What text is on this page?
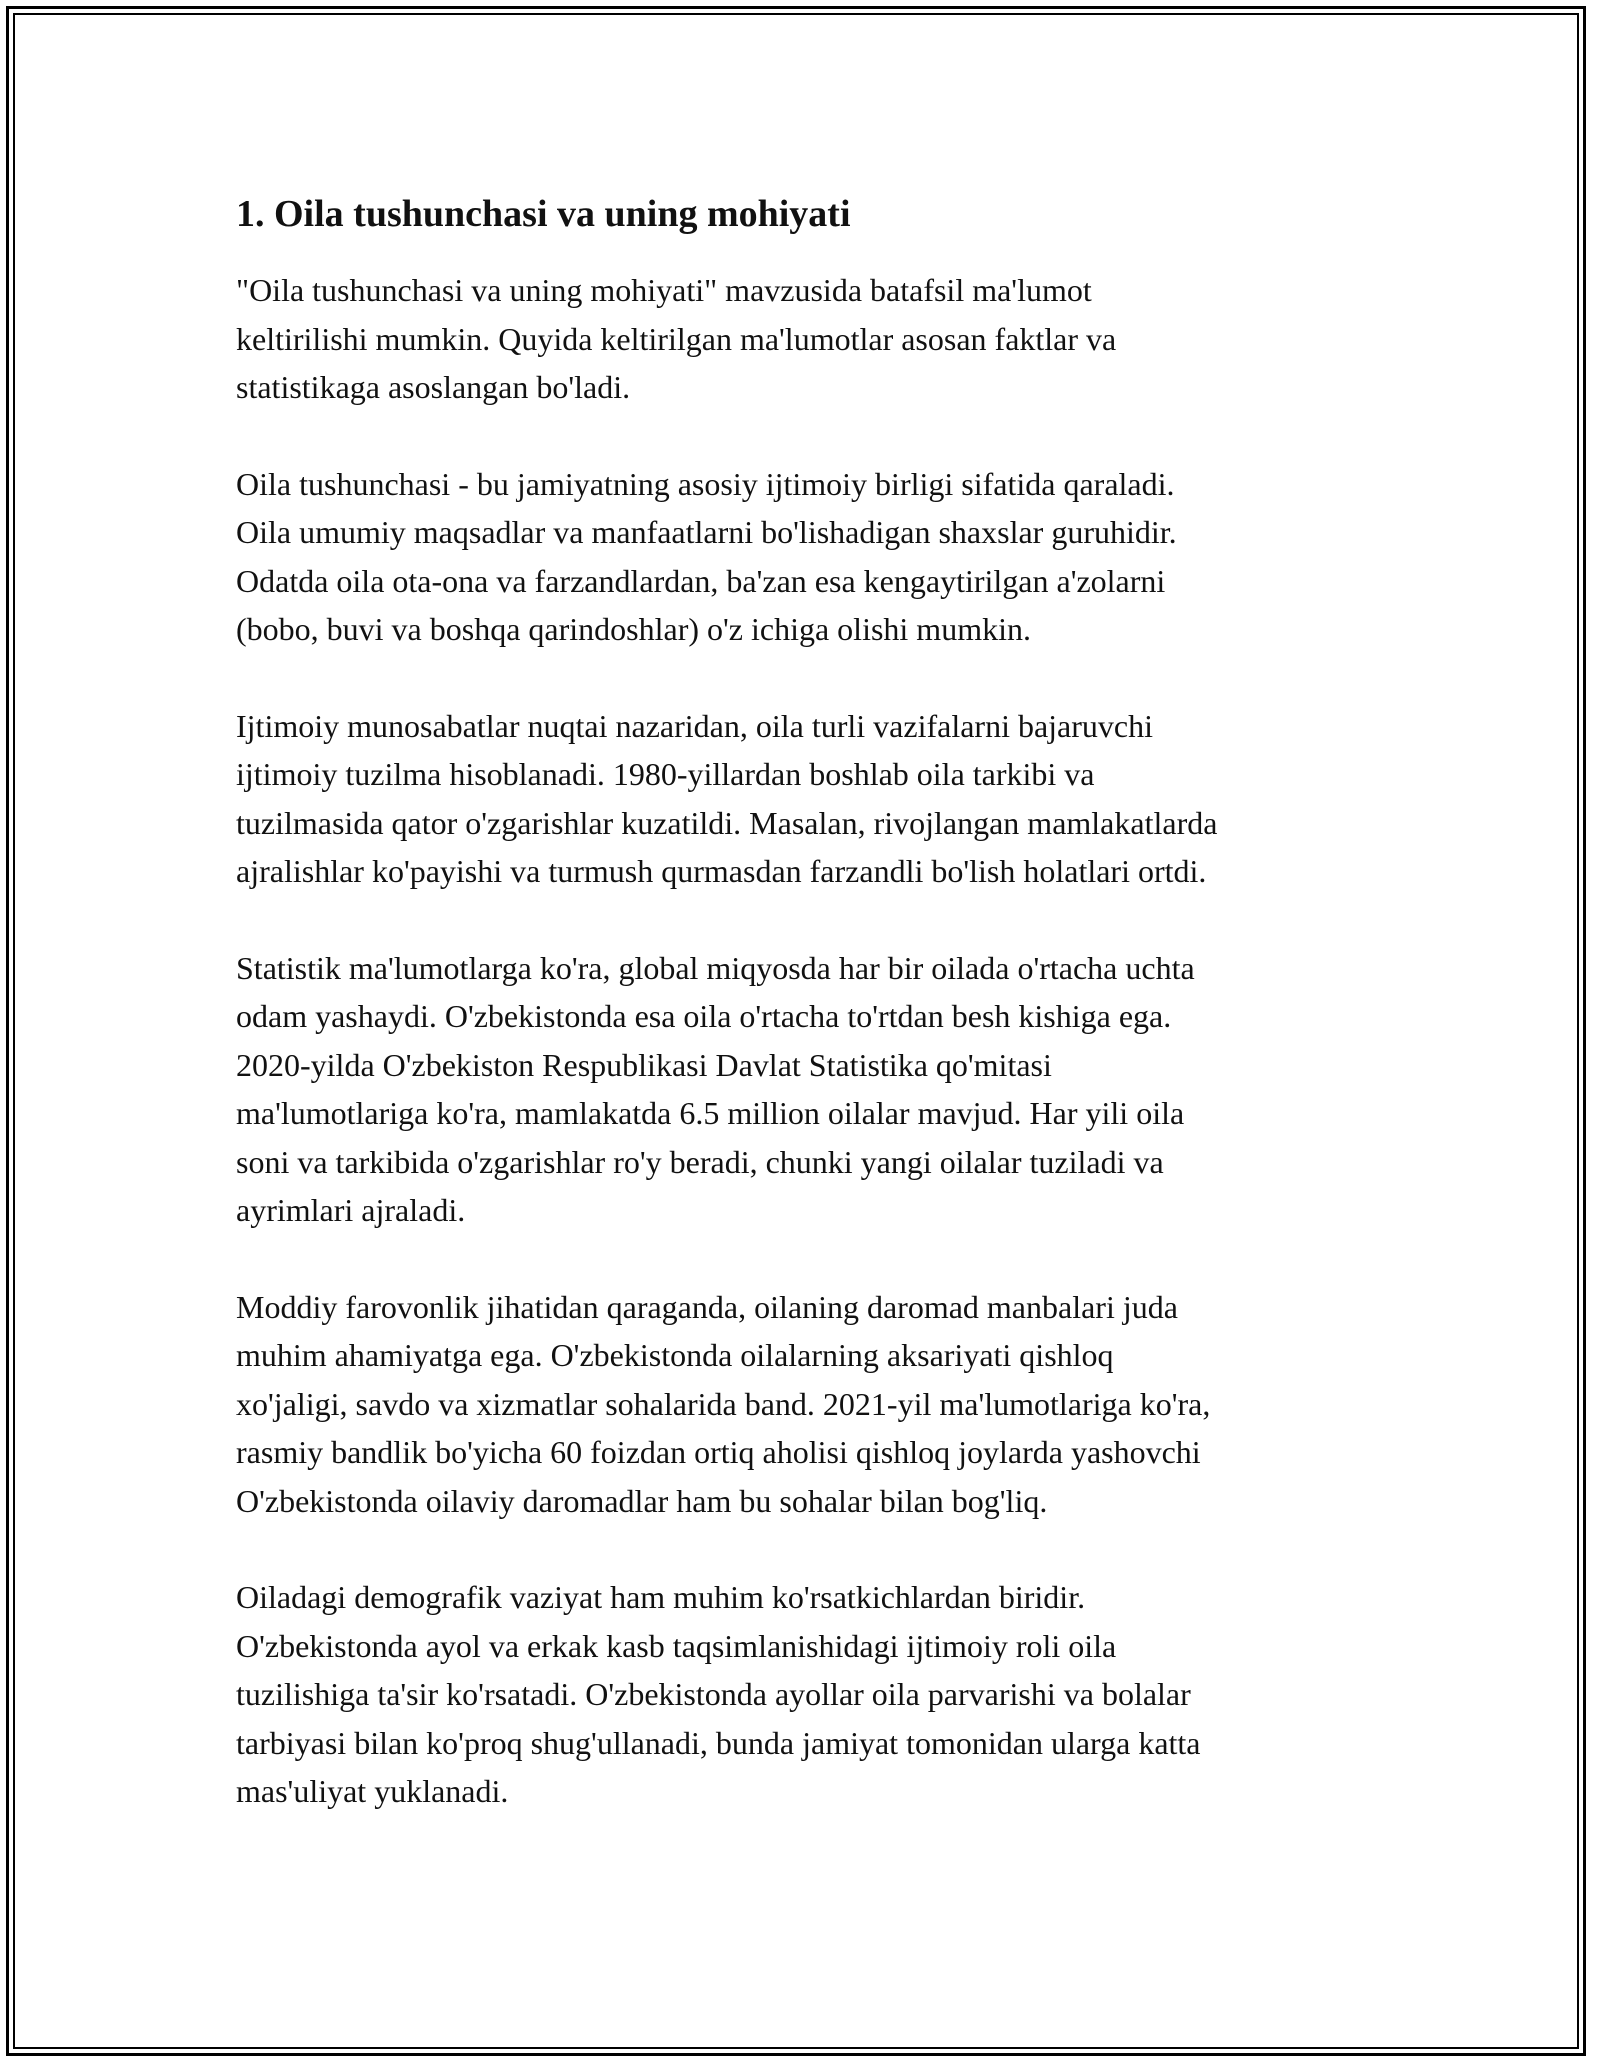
1. Oila tushunchasi va uning mohiyati

"Oila tushunchasi va uning mohiyati" mavzusida batafsil ma'lumot
keltirilishi mumkin. Quyida keltirilgan ma'lumotlar asosan faktlar va
statistikaga asoslangan bo'ladi.

Oila tushunchasi - bu jamiyatning asosiy ijtimoiy birligi sifatida qaraladi.
Oila umumiy maqsadlar va manfaatlarni bo'lishadigan shaxslar guruhidir.
Odatda oila ota-ona va farzandlardan, ba'zan esa kengaytirilgan a'zolarni
(bobo, buvi va boshqa qarindoshlar) o'z ichiga olishi mumkin.

Ijtimoiy munosabatlar nuqtai nazaridan, oila turli vazifalarni bajaruvchi
ijtimoiy tuzilma hisoblanadi. 1980-yillardan boshlab oila tarkibi va
tuzilmasida qator o'zgarishlar kuzatildi. Masalan, rivojlangan mamlakatlarda
ajralishlar ko'payishi va turmush qurmasdan farzandli bo'lish holatlari ortdi.

Statistik ma'lumotlarga ko'ra, global miqyosda har bir oilada o'rtacha uchta
odam yashaydi. O'zbekistonda esa oila o'rtacha to'rtdan besh kishiga ega.
2020-yilda O'zbekiston Respublikasi Davlat Statistika qo'mitasi
ma'lumotlariga ko'ra, mamlakatda 6.5 million oilalar mavjud. Har yili oila
soni va tarkibida o'zgarishlar ro'y beradi, chunki yangi oilalar tuziladi va
ayrimlari ajraladi.

Moddiy farovonlik jihatidan qaraganda, oilaning daromad manbalari juda
muhim ahamiyatga ega. O'zbekistonda oilalarning aksariyati qishloq
xo'jaligi, savdo va xizmatlar sohalarida band. 2021-yil ma'lumotlariga ko'ra,
rasmiy bandlik bo'yicha 60 foizdan ortiq aholisi qishloq joylarda yashovchi
O'zbekistonda oilaviy daromadlar ham bu sohalar bilan bog'liq.

Oiladagi demografik vaziyat ham muhim ko'rsatkichlardan biridir.
O'zbekistonda ayol va erkak kasb taqsimlanishidagi ijtimoiy roli oila
tuzilishiga ta'sir ko'rsatadi. O'zbekistonda ayollar oila parvarishi va bolalar
tarbiyasi bilan ko'proq shug'ullanadi, bunda jamiyat tomonidan ularga katta
mas'uliyat yuklanadi.
